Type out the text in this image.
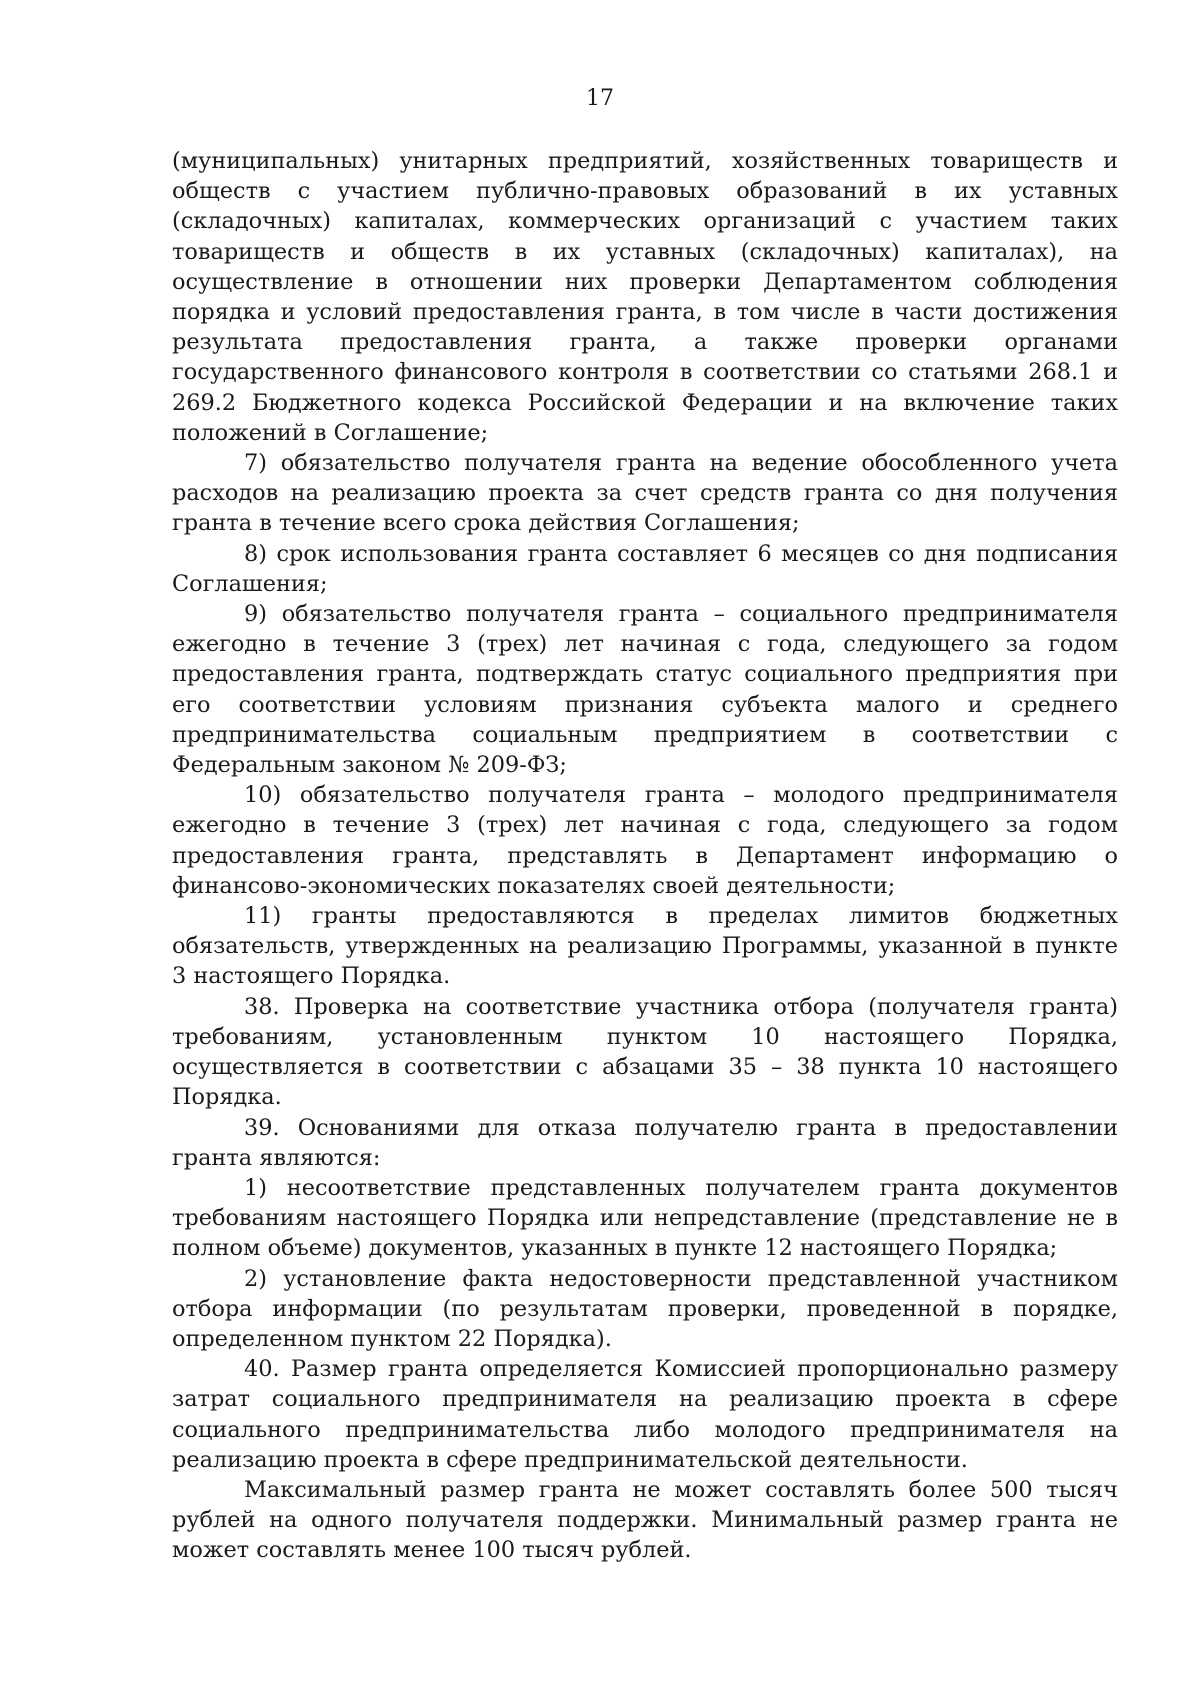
17

(муниципальных) унитарных предприятий, хозяйственных товариществ и обществ с участием публично-правовых образований в их уставных (складочных) капиталах, коммерческих организаций с участием таких товариществ и обществ в их уставных (складочных) капиталах), на осуществление в отношении них проверки Департаментом соблюдения порядка и условий предоставления гранта, в том числе в части достижения результата предоставления гранта, а также проверки органами государственного финансового контроля в соответствии со статьями 268.1 и 269.2 Бюджетного кодекса Российской Федерации и на включение таких положений в Соглашение;

7) обязательство получателя гранта на ведение обособленного учета расходов на реализацию проекта за счет средств гранта со дня получения гранта в течение всего срока действия Соглашения;

8) срок использования гранта составляет 6 месяцев со дня подписания Соглашения;

9) обязательство получателя гранта – социального предпринимателя ежегодно в течение 3 (трех) лет начиная с года, следующего за годом предоставления гранта, подтверждать статус социального предприятия при его соответствии условиям признания субъекта малого и среднего предпринимательства социальным предприятием в соответствии с Федеральным законом № 209-ФЗ;

10) обязательство получателя гранта – молодого предпринимателя ежегодно в течение 3 (трех) лет начиная с года, следующего за годом предоставления гранта, представлять в Департамент информацию о финансово-экономических показателях своей деятельности;

11) гранты предоставляются в пределах лимитов бюджетных обязательств, утвержденных на реализацию Программы, указанной в пункте 3 настоящего Порядка.

38. Проверка на соответствие участника отбора (получателя гранта) требованиям, установленным пунктом 10 настоящего Порядка, осуществляется в соответствии с абзацами 35 – 38 пункта 10 настоящего Порядка.

39. Основаниями для отказа получателю гранта в предоставлении гранта являются:

1) несоответствие представленных получателем гранта документов требованиям настоящего Порядка или непредставление (представление не в полном объеме) документов, указанных в пункте 12 настоящего Порядка;

2) установление факта недостоверности представленной участником отбора информации (по результатам проверки, проведенной в порядке, определенном пунктом 22 Порядка).

40. Размер гранта определяется Комиссией пропорционально размеру затрат социального предпринимателя на реализацию проекта в сфере социального предпринимательства либо молодого предпринимателя на реализацию проекта в сфере предпринимательской деятельности.

Максимальный размер гранта не может составлять более 500 тысяч рублей на одного получателя поддержки. Минимальный размер гранта не может составлять менее 100 тысяч рублей.
